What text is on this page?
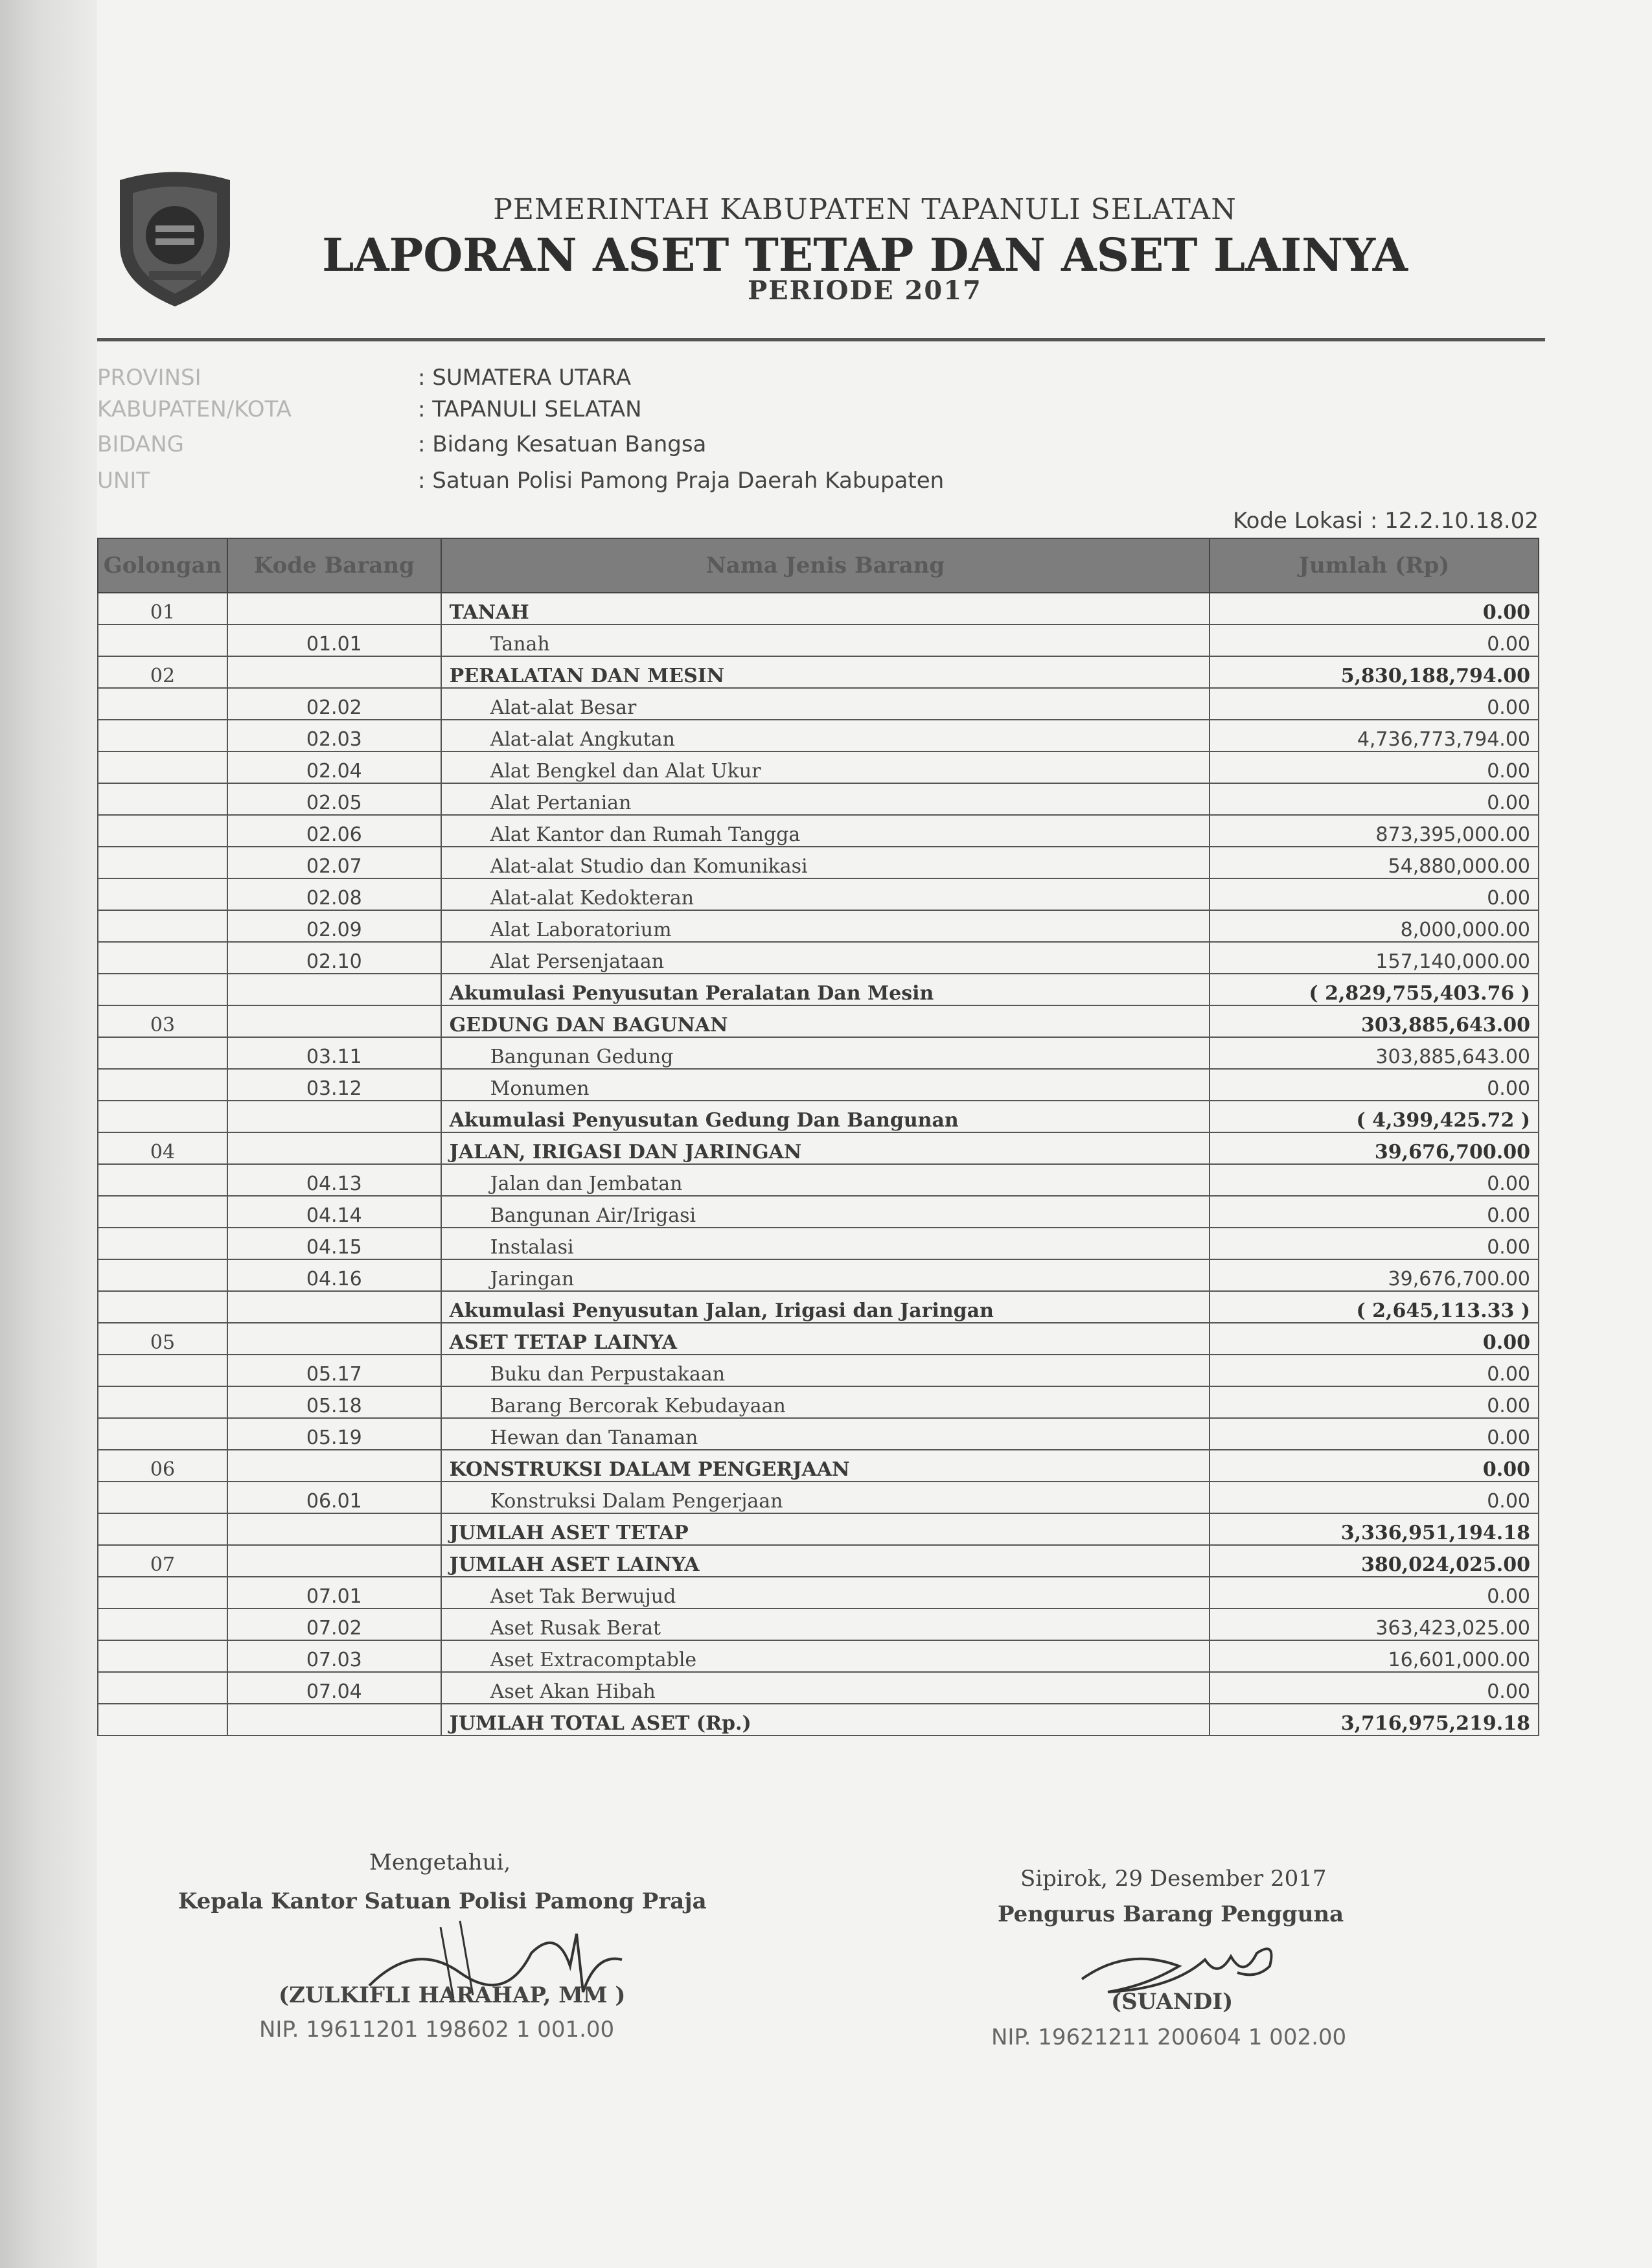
PEMERINTAH KABUPATEN TAPANULI SELATAN
LAPORAN ASET TETAP DAN ASET LAINYA
PERIODE 2017
PROVINSI	: SUMATERA UTARA
KABUPATEN/KOTA	: TAPANULI SELATAN
BIDANG	: Bidang Kesatuan Bangsa
UNIT	: Satuan Polisi Pamong Praja Daerah Kabupaten
Kode Lokasi : 12.2.10.18.02
Golongan	Kode Barang	Nama Jenis Barang	Jumlah (Rp)
01		TANAH	0.00
	01.01	Tanah	0.00
02		PERALATAN DAN MESIN	5,830,188,794.00
	02.02	Alat-alat Besar	0.00
	02.03	Alat-alat Angkutan	4,736,773,794.00
	02.04	Alat Bengkel dan Alat Ukur	0.00
	02.05	Alat Pertanian	0.00
	02.06	Alat Kantor dan Rumah Tangga	873,395,000.00
	02.07	Alat-alat Studio dan Komunikasi	54,880,000.00
	02.08	Alat-alat Kedokteran	0.00
	02.09	Alat Laboratorium	8,000,000.00
	02.10	Alat Persenjataan	157,140,000.00
		Akumulasi Penyusutan Peralatan Dan Mesin	( 2,829,755,403.76 )
03		GEDUNG DAN BAGUNAN	303,885,643.00
	03.11	Bangunan Gedung	303,885,643.00
	03.12	Monumen	0.00
		Akumulasi Penyusutan Gedung Dan Bangunan	( 4,399,425.72 )
04		JALAN, IRIGASI DAN JARINGAN	39,676,700.00
	04.13	Jalan dan Jembatan	0.00
	04.14	Bangunan Air/Irigasi	0.00
	04.15	Instalasi	0.00
	04.16	Jaringan	39,676,700.00
		Akumulasi Penyusutan Jalan, Irigasi dan Jaringan	( 2,645,113.33 )
05		ASET TETAP LAINYA	0.00
	05.17	Buku dan Perpustakaan	0.00
	05.18	Barang Bercorak Kebudayaan	0.00
	05.19	Hewan dan Tanaman	0.00
06		KONSTRUKSI DALAM PENGERJAAN	0.00
	06.01	Konstruksi Dalam Pengerjaan	0.00
		JUMLAH ASET TETAP	3,336,951,194.18
07		JUMLAH ASET LAINYA	380,024,025.00
	07.01	Aset Tak Berwujud	0.00
	07.02	Aset Rusak Berat	363,423,025.00
	07.03	Aset Extracomptable	16,601,000.00
	07.04	Aset Akan Hibah	0.00
		JUMLAH TOTAL ASET (Rp.)	3,716,975,219.18
Mengetahui,
Kepala Kantor Satuan Polisi Pamong Praja
(ZULKIFLI HARAHAP, MM )
NIP. 19611201 198602 1 001.00
Sipirok, 29 Desember 2017
Pengurus Barang Pengguna
(SUANDI)
NIP. 19621211 200604 1 002.00
